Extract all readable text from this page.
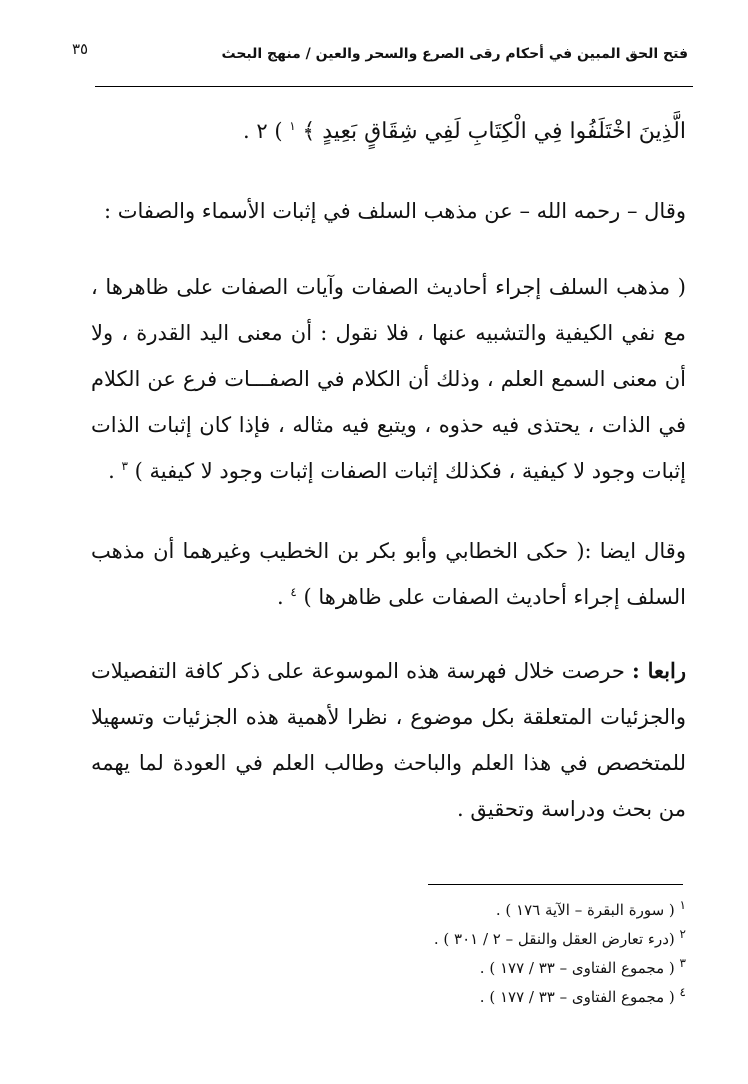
٣٥	فتح الحق المبين في أحكام رقى الصرع والسحر والعين / منهج البحث
الَّذِينَ اخْتَلَفُوا فِي الْكِتَابِ لَفِي شِقَاقٍ بَعِيدٍ ﴾ $^١$ ) ٢ .
وقال – رحمه الله – عن مذهب السلف في إثبات الأسماء والصفات :
( مذهب السلف إجراء أحاديث الصفات وآيات الصفات على ظاهرها ، مع نفي الكيفية والتشبيه عنها ، فلا نقول : أن معنى اليد القدرة ، ولا أن معنى السمع العلم ، وذلك أن الكلام في الصفـــات فرع عن الكلام في الذات ، يحتذى فيه حذوه ، ويتبع فيه مثاله ، فإذا كان إثبات الذات إثبات وجود لا كيفية ، فكذلك إثبات الصفات إثبات وجود لا كيفية ) $^٣$ .
وقال ايضا :( حكى الخطابي وأبو بكر بن الخطيب وغيرهما أن مذهب السلف إجراء أحاديث الصفات على ظاهرها ) $^٤$ .
رابعا : حرصت خلال فهرسة هذه الموسوعة على ذكر كافة التفصيلات والجزئيات المتعلقة بكل موضوع ، نظرا لأهمية هذه الجزئيات وتسهيلا للمتخصص في هذا العلم والباحث وطالب العلم في العودة لما يهمه من بحث ودراسة وتحقيق .
$^١$ ( سورة البقرة – الآية ١٧٦ ) .
$^٢$ (درء تعارض العقل والنقل – ٢ / ٣٠١ ) .
$^٣$ ( مجموع الفتاوى – ٣٣ / ١٧٧ ) .
$^٤$ ( مجموع الفتاوى – ٣٣ / ١٧٧ ) .
